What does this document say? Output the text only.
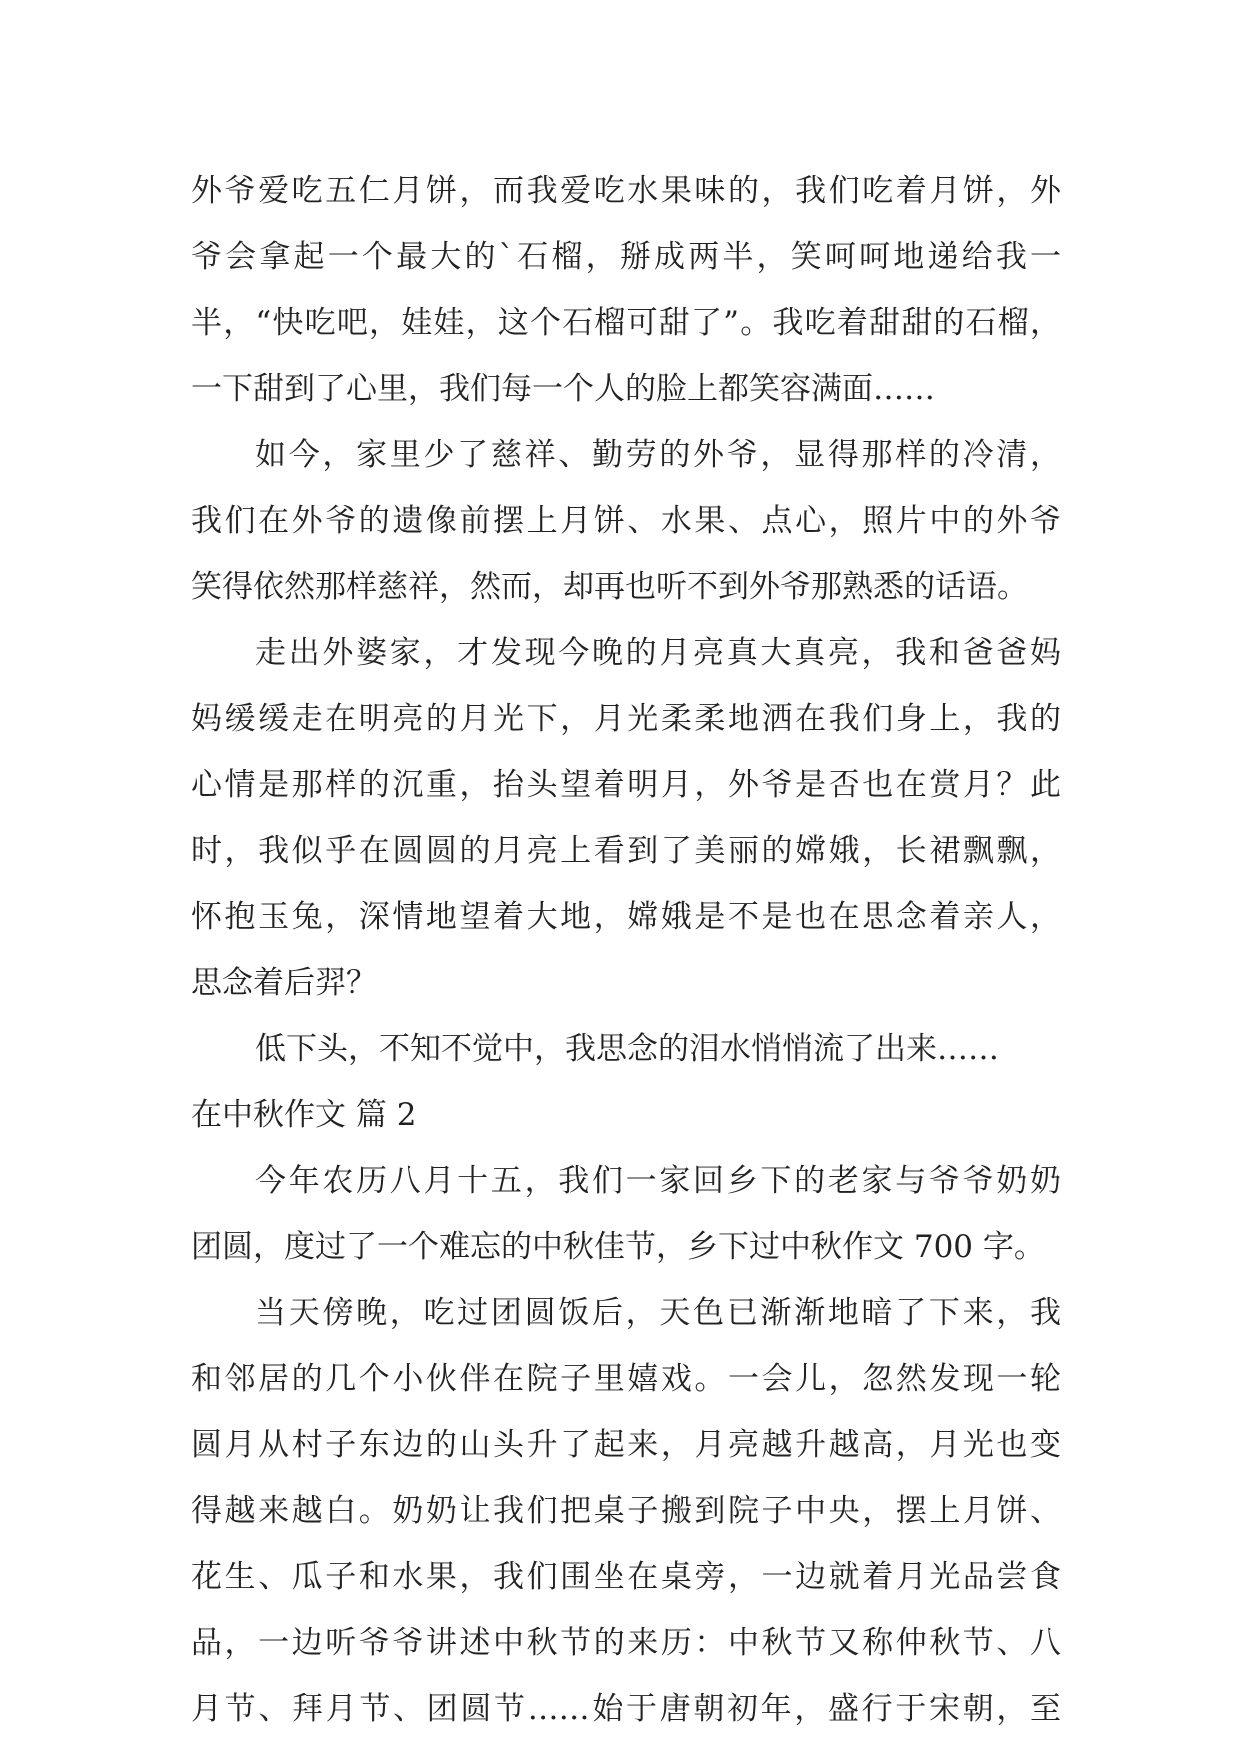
外爷爱吃五仁月饼，而我爱吃水果味的，我们吃着月饼，外
爷会拿起一个最大的`石榴，掰成两半，笑呵呵地递给我一
半，“快吃吧，娃娃，这个石榴可甜了”。我吃着甜甜的石榴，
一下甜到了心里，我们每一个人的脸上都笑容满面……
如今，家里少了慈祥、勤劳的外爷，显得那样的冷清，
我们在外爷的遗像前摆上月饼、水果、点心，照片中的外爷
笑得依然那样慈祥，然而，却再也听不到外爷那熟悉的话语。
走出外婆家，才发现今晚的月亮真大真亮，我和爸爸妈
妈缓缓走在明亮的月光下，月光柔柔地洒在我们身上，我的
心情是那样的沉重，抬头望着明月，外爷是否也在赏月？此
时，我似乎在圆圆的月亮上看到了美丽的嫦娥，长裙飘飘，
怀抱玉兔，深情地望着大地，嫦娥是不是也在思念着亲人，
思念着后羿？
低下头，不知不觉中，我思念的泪水悄悄流了出来……
在中秋作文 篇 2
今年农历八月十五，我们一家回乡下的老家与爷爷奶奶
团圆，度过了一个难忘的中秋佳节，乡下过中秋作文 700 字。
当天傍晚，吃过团圆饭后，天色已渐渐地暗了下来，我
和邻居的几个小伙伴在院子里嬉戏。一会儿，忽然发现一轮
圆月从村子东边的山头升了起来，月亮越升越高，月光也变
得越来越白。奶奶让我们把桌子搬到院子中央，摆上月饼、
花生、瓜子和水果，我们围坐在桌旁，一边就着月光品尝食
品，一边听爷爷讲述中秋节的来历：中秋节又称仲秋节、八
月节、拜月节、团圆节……始于唐朝初年，盛行于宋朝，至
